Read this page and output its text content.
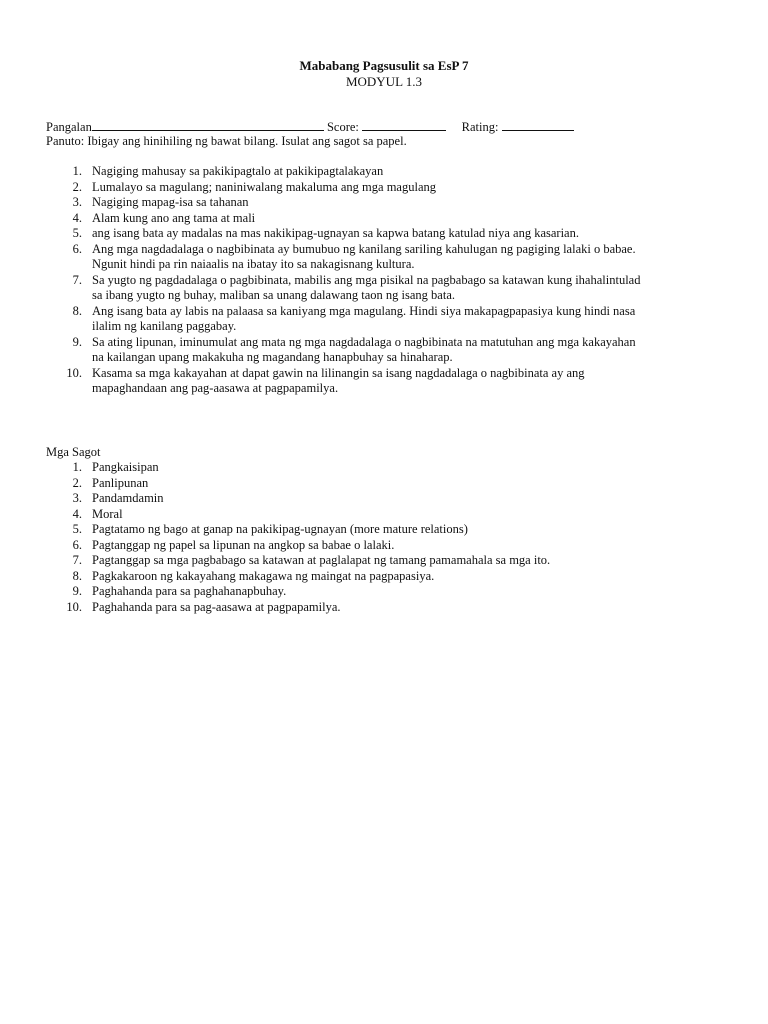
Mababang Pagsusulit sa EsP 7
MODYUL 1.3
Pangalan	Score:	Rating:
Panuto: Ibigay ang hinihiling ng bawat bilang. Isulat ang sagot sa papel.
1. Nagiging mahusay sa pakikipagtalo at pakikipagtalakayan
2. Lumalayo sa magulang; naniniwalang makaluma ang mga magulang
3. Nagiging mapag-isa sa tahanan
4. Alam kung ano ang tama at mali
5. ang isang bata ay madalas na mas nakikipag-ugnayan sa kapwa batang katulad niya ang kasarian.
6. Ang mga nagdadalaga o nagbibinata ay bumubuo ng kanilang sariling kahulugan ng pagiging lalaki o babae.
Ngunit hindi pa rin naiaalis na ibatay ito sa nakagisnang kultura.
7. Sa yugto ng pagdadalaga o pagbibinata, mabilis ang mga pisikal na pagbabago sa katawan kung ihahalintulad
sa ibang yugto ng buhay, maliban sa unang dalawang taon ng isang bata.
8. Ang isang bata ay labis na palaasa sa kaniyang mga magulang. Hindi siya makapagpapasiya kung hindi nasa
ilalim ng kanilang paggabay.
9. Sa ating lipunan, iminumulat ang mata ng mga nagdadalaga o nagbibinata na matutuhan ang mga kakayahan
na kailangan upang makakuha ng magandang hanapbuhay sa hinaharap.
10. Kasama sa mga kakayahan at dapat gawin na lilinangin sa isang nagdadalaga o nagbibinata ay ang
mapaghandaan ang pag-aasawa at pagpapamilya.
Mga Sagot
1. Pangkaisipan
2. Panlipunan
3. Pandamdamin
4. Moral
5. Pagtatamo ng bago at ganap na pakikipag-ugnayan (more mature relations)
6. Pagtanggap ng papel sa lipunan na angkop sa babae o lalaki.
7. Pagtanggap sa mga pagbabago sa katawan at paglalapat ng tamang pamamahala sa mga ito.
8. Pagkakaroon ng kakayahang makagawa ng maingat na pagpapasiya.
9. Paghahanda para sa paghahanapbuhay.
10. Paghahanda para sa pag-aasawa at pagpapamilya.
